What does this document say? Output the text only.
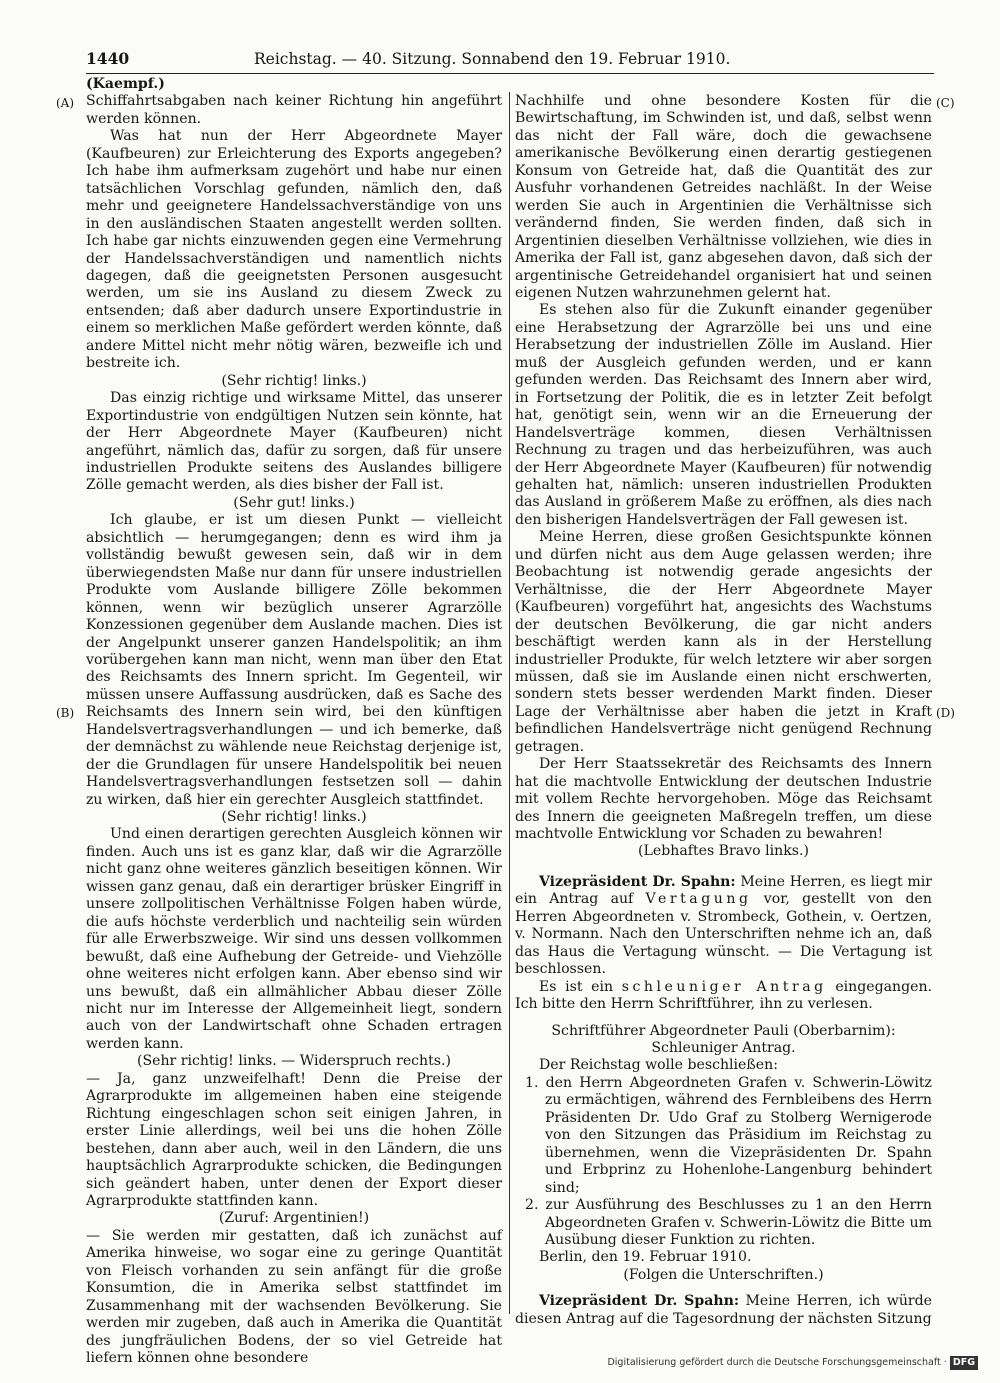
1440	Reichstag. — 40. Sitzung. Sonnabend den 19. Februar 1910.
(A)
(B)
(C)
(D)

(Kaempf.)

Schiffahrtsabgaben nach keiner Richtung hin angeführt werden können.

Was hat nun der Herr Abgeordnete Mayer (Kaufbeuren) zur Erleichterung des Exports angegeben? Ich habe ihm aufmerksam zugehört und habe nur einen tatsächlichen Vorschlag gefunden, nämlich den, daß mehr und geeignetere Handelssachverständige von uns in den ausländischen Staaten angestellt werden sollten. Ich habe gar nichts einzuwenden gegen eine Vermehrung der Handelssachverständigen und namentlich nichts dagegen, daß die geeignetsten Personen ausgesucht werden, um sie ins Ausland zu diesem Zweck zu entsenden; daß aber dadurch unsere Exportindustrie in einem so merklichen Maße gefördert werden könnte, daß andere Mittel nicht mehr nötig wären, bezweifle ich und bestreite ich.

(Sehr richtig! links.)

Das einzig richtige und wirksame Mittel, das unserer Exportindustrie von endgültigen Nutzen sein könnte, hat der Herr Abgeordnete Mayer (Kaufbeuren) nicht angeführt, nämlich das, dafür zu sorgen, daß für unsere industriellen Produkte seitens des Auslandes billigere Zölle gemacht werden, als dies bisher der Fall ist.

(Sehr gut! links.)

Ich glaube, er ist um diesen Punkt — vielleicht absichtlich — herumgegangen; denn es wird ihm ja vollständig bewußt gewesen sein, daß wir in dem überwiegendsten Maße nur dann für unsere industriellen Produkte vom Auslande billigere Zölle bekommen können, wenn wir bezüglich unserer Agrarzölle Konzessionen gegenüber dem Auslande machen. Dies ist der Angelpunkt unserer ganzen Handelspolitik; an ihm vorübergehen kann man nicht, wenn man über den Etat des Reichsamts des Innern spricht. Im Gegenteil, wir müssen unsere Auffassung ausdrücken, daß es Sache des Reichsamts des Innern sein wird, bei den künftigen Handelsvertragsverhandlungen — und ich bemerke, daß der demnächst zu wählende neue Reichstag derjenige ist, der die Grundlagen für unsere Handelspolitik bei neuen Handelsvertragsverhandlungen festsetzen soll — dahin zu wirken, daß hier ein gerechter Ausgleich stattfindet.

(Sehr richtig! links.)

Und einen derartigen gerechten Ausgleich können wir finden. Auch uns ist es ganz klar, daß wir die Agrarzölle nicht ganz ohne weiteres gänzlich beseitigen können. Wir wissen ganz genau, daß ein derartiger brüsker Eingriff in unsere zollpolitischen Verhältnisse Folgen haben würde, die aufs höchste verderblich und nachteilig sein würden für alle Erwerbszweige. Wir sind uns dessen vollkommen bewußt, daß eine Aufhebung der Getreide- und Viehzölle ohne weiteres nicht erfolgen kann. Aber ebenso sind wir uns bewußt, daß ein allmählicher Abbau dieser Zölle nicht nur im Interesse der Allgemeinheit liegt, sondern auch von der Landwirtschaft ohne Schaden ertragen werden kann.

(Sehr richtig! links. — Widerspruch rechts.)

— Ja, ganz unzweifelhaft! Denn die Preise der Agrarprodukte im allgemeinen haben eine steigende Richtung eingeschlagen schon seit einigen Jahren, in erster Linie allerdings, weil bei uns die hohen Zölle bestehen, dann aber auch, weil in den Ländern, die uns hauptsächlich Agrarprodukte schicken, die Bedingungen sich geändert haben, unter denen der Export dieser Agrarprodukte stattfinden kann.

(Zuruf: Argentinien!)

— Sie werden mir gestatten, daß ich zunächst auf Amerika hinweise, wo sogar eine zu geringe Quantität von Fleisch vorhanden zu sein anfängt für die große Konsumtion, die in Amerika selbst stattfindet im Zusammenhang mit der wachsenden Bevölkerung. Sie werden mir zugeben, daß auch in Amerika die Quantität des jungfräulichen Bodens, der so viel Getreide hat liefern können ohne besondere

Nachhilfe und ohne besondere Kosten für die Bewirtschaftung, im Schwinden ist, und daß, selbst wenn das nicht der Fall wäre, doch die gewachsene amerikanische Bevölkerung einen derartig gestiegenen Konsum von Getreide hat, daß die Quantität des zur Ausfuhr vorhandenen Getreides nachläßt. In der Weise werden Sie auch in Argentinien die Verhältnisse sich verändernd finden, Sie werden finden, daß sich in Argentinien dieselben Verhältnisse vollziehen, wie dies in Amerika der Fall ist, ganz abgesehen davon, daß sich der argentinische Getreidehandel organisiert hat und seinen eigenen Nutzen wahrzunehmen gelernt hat.

Es stehen also für die Zukunft einander gegenüber eine Herabsetzung der Agrarzölle bei uns und eine Herabsetzung der industriellen Zölle im Ausland. Hier muß der Ausgleich gefunden werden, und er kann gefunden werden. Das Reichsamt des Innern aber wird, in Fortsetzung der Politik, die es in letzter Zeit befolgt hat, genötigt sein, wenn wir an die Erneuerung der Handelsverträge kommen, diesen Verhältnissen Rechnung zu tragen und das herbeizuführen, was auch der Herr Abgeordnete Mayer (Kaufbeuren) für notwendig gehalten hat, nämlich: unseren industriellen Produkten das Ausland in größerem Maße zu eröffnen, als dies nach den bisherigen Handelsverträgen der Fall gewesen ist.

Meine Herren, diese großen Gesichtspunkte können und dürfen nicht aus dem Auge gelassen werden; ihre Beobachtung ist notwendig gerade angesichts der Verhältnisse, die der Herr Abgeordnete Mayer (Kaufbeuren) vorgeführt hat, angesichts des Wachstums der deutschen Bevölkerung, die gar nicht anders beschäftigt werden kann als in der Herstellung industrieller Produkte, für welch letztere wir aber sorgen müssen, daß sie im Auslande einen nicht erschwerten, sondern stets besser werdenden Markt finden. Dieser Lage der Verhältnisse aber haben die jetzt in Kraft befindlichen Handelsverträge nicht genügend Rechnung getragen.

Der Herr Staatssekretär des Reichsamts des Innern hat die machtvolle Entwicklung der deutschen Industrie mit vollem Rechte hervorgehoben. Möge das Reichsamt des Innern die geeigneten Maßregeln treffen, um diese machtvolle Entwicklung vor Schaden zu bewahren!

(Lebhaftes Bravo links.)

Vizepräsident Dr. Spahn: Meine Herren, es liegt mir ein Antrag auf Vertagung vor, gestellt von den Herren Abgeordneten v. Strombeck, Gothein, v. Oertzen, v. Normann. Nach den Unterschriften nehme ich an, daß das Haus die Vertagung wünscht. — Die Vertagung ist beschlossen.

Es ist ein schleuniger Antrag eingegangen. Ich bitte den Herrn Schriftführer, ihn zu verlesen.

Schriftführer Abgeordneter Pauli (Oberbarnim):

Schleuniger Antrag.

Der Reichstag wolle beschließen:

1. den Herrn Abgeordneten Grafen v. Schwerin-Löwitz zu ermächtigen, während des Fernbleibens des Herrn Präsidenten Dr. Udo Graf zu Stolberg Wernigerode von den Sitzungen das Präsidium im Reichstag zu übernehmen, wenn die Vizepräsidenten Dr. Spahn und Erbprinz zu Hohenlohe-Langenburg behindert sind;

2. zur Ausführung des Beschlusses zu 1 an den Herrn Abgeordneten Grafen v. Schwerin-Löwitz die Bitte um Ausübung dieser Funktion zu richten.

Berlin, den 19. Februar 1910.

(Folgen die Unterschriften.)

Vizepräsident Dr. Spahn: Meine Herren, ich würde diesen Antrag auf die Tagesordnung der nächsten Sitzung

Digitalisierung gefördert durch die Deutsche Forschungsgemeinschaft · DFG
